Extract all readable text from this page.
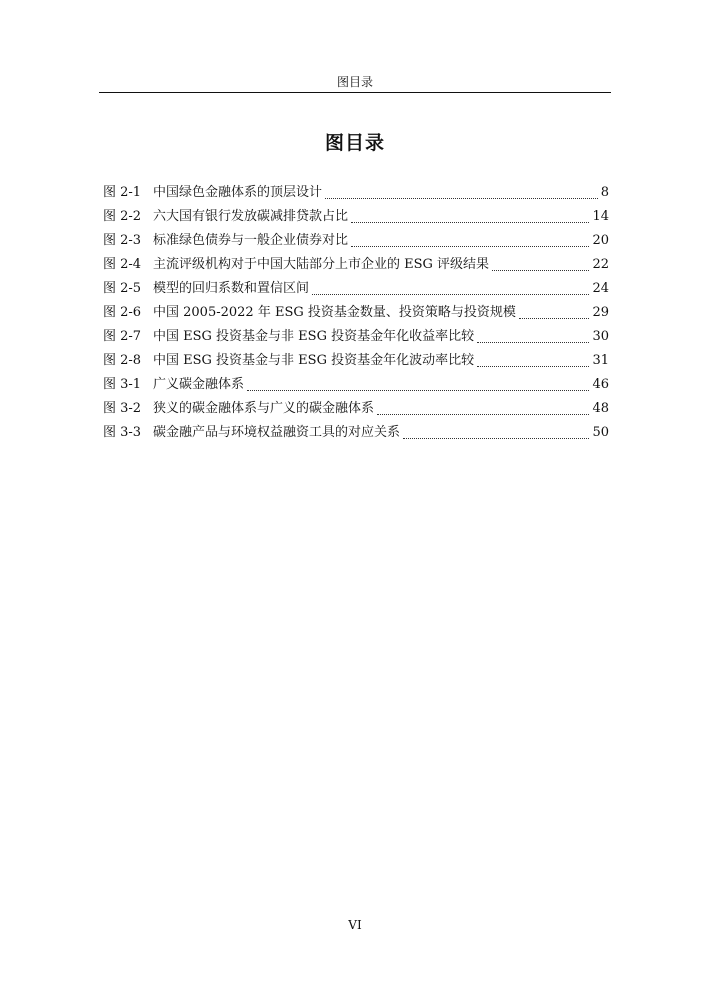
图目录
图目录
图 2-1 中国绿色金融体系的顶层设计	8
图 2-2 六大国有银行发放碳减排贷款占比	14
图 2-3 标准绿色债券与一般企业债券对比	20
图 2-4 主流评级机构对于中国大陆部分上市企业的 ESG 评级结果	22
图 2-5 模型的回归系数和置信区间	24
图 2-6 中国 2005-2022 年 ESG 投资基金数量、投资策略与投资规模	29
图 2-7 中国 ESG 投资基金与非 ESG 投资基金年化收益率比较	30
图 2-8 中国 ESG 投资基金与非 ESG 投资基金年化波动率比较	31
图 3-1 广义碳金融体系	46
图 3-2 狭义的碳金融体系与广义的碳金融体系	48
图 3-3 碳金融产品与环境权益融资工具的对应关系	50
VI
